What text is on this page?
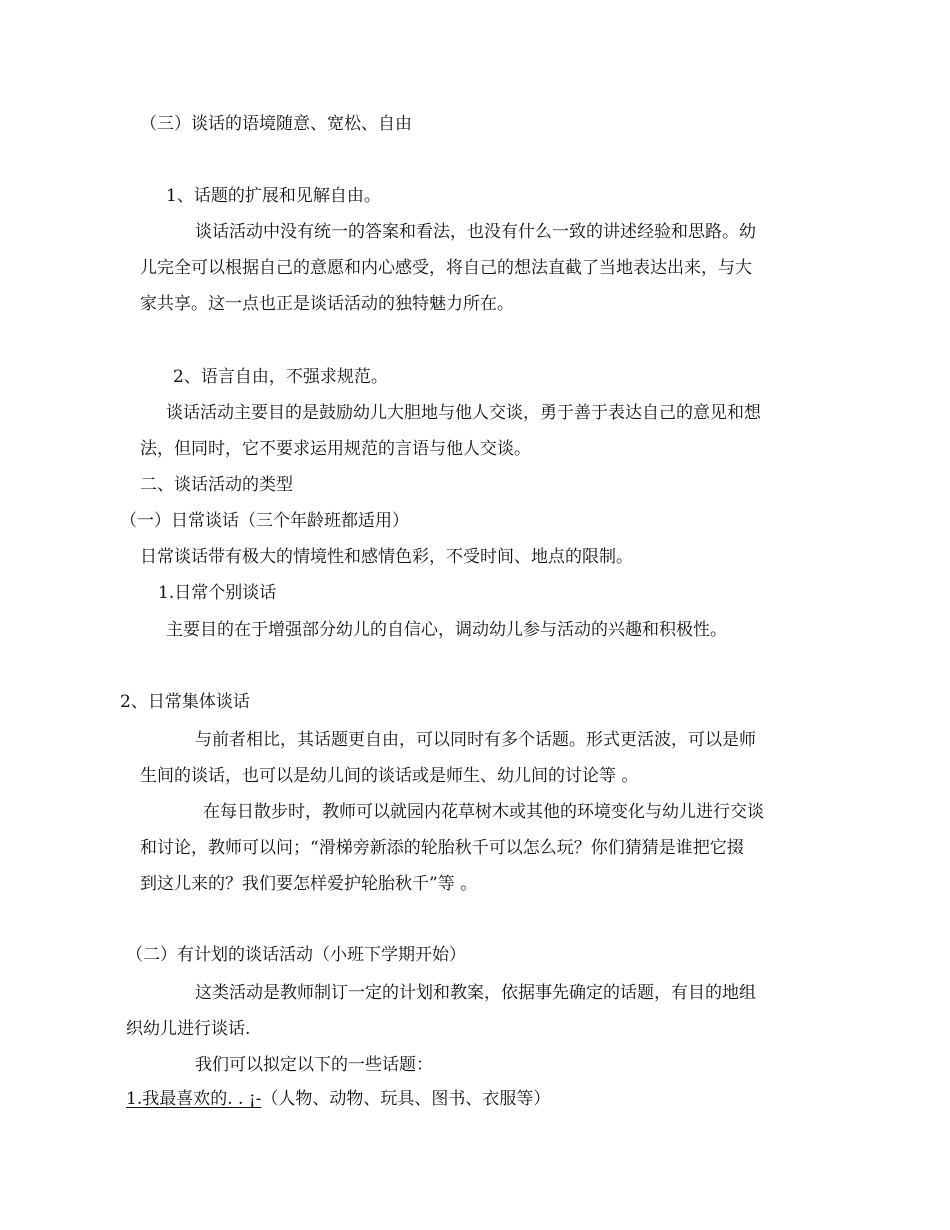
（三）谈话的语境随意、宽松、自由
1、话题的扩展和见解自由。
谈话活动中没有统一的答案和看法，也没有什么一致的讲述经验和思路。幼
儿完全可以根据自己的意愿和内心感受，将自己的想法直截了当地表达出来，与大
家共享。这一点也正是谈话活动的独特魅力所在。
2、语言自由，不强求规范。
谈话活动主要目的是鼓励幼儿大胆地与他人交谈，勇于善于表达自己的意见和想
法，但同时，它不要求运用规范的言语与他人交谈。
二、谈话活动的类型
（一）日常谈话（三个年龄班都适用）
日常谈话带有极大的情境性和感情色彩，不受时间、地点的限制。
1.日常个别谈话
主要目的在于增强部分幼儿的自信心，调动幼儿参与活动的兴趣和积极性。
2、日常集体谈话
与前者相比，其话题更自由，可以同时有多个话题。形式更活波，可以是师
生间的谈话，也可以是幼儿间的谈话或是师生、幼儿间的讨论等 。
在每日散步时，教师可以就园内花草树木或其他的环境变化与幼儿进行交谈
和讨论，教师可以问；“滑梯旁新添的轮胎秋千可以怎么玩？你们猜猜是谁把它掇
到这儿来的？我们要怎样爱护轮胎秋千”等 。
（二）有计划的谈话活动（小班下学期开始）
这类活动是教师制订一定的计划和教案，依据事先确定的话题，有目的地组
织幼儿进行谈话.
我们可以拟定以下的一些话题：
1.我最喜欢的. . ¡-（人物、动物、玩具、图书、衣服等）
